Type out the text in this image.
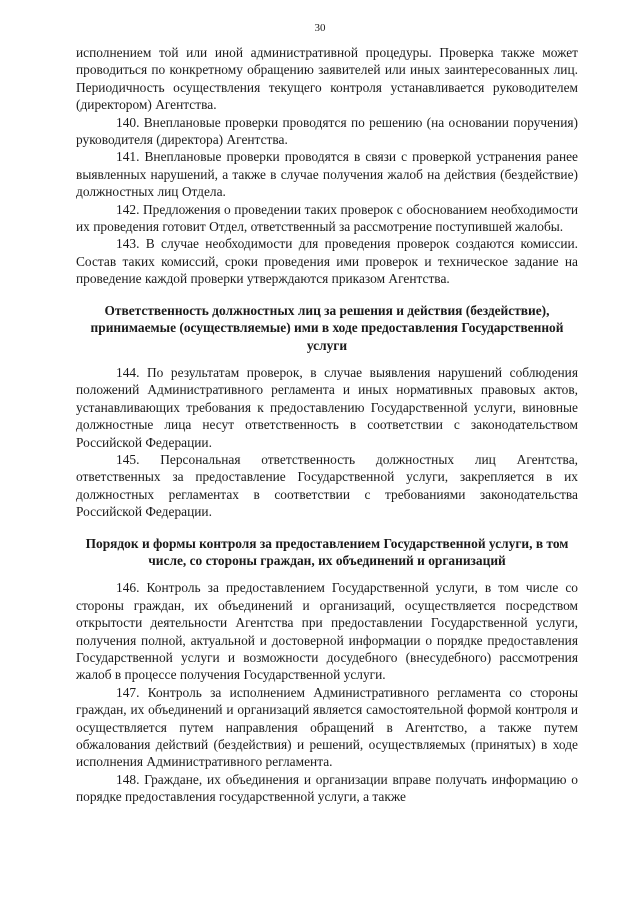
30

исполнением той или иной административной процедуры. Проверка также может проводиться по конкретному обращению заявителей или иных заинтересованных лиц. Периодичность осуществления текущего контроля устанавливается руководителем (директором) Агентства.

140. Внеплановые проверки проводятся по решению (на основании поручения) руководителя (директора) Агентства.

141. Внеплановые проверки проводятся в связи с проверкой устранения ранее выявленных нарушений, а также в случае получения жалоб на действия (бездействие) должностных лиц Отдела.

142. Предложения о проведении таких проверок с обоснованием необходимости их проведения готовит Отдел, ответственный за рассмотрение поступившей жалобы.

143. В случае необходимости для проведения проверок создаются комиссии. Состав таких комиссий, сроки проведения ими проверок и техническое задание на проведение каждой проверки утверждаются приказом Агентства.

Ответственность должностных лиц за решения и действия (бездействие), принимаемые (осуществляемые) ими в ходе предоставления Государственной услуги

144. По результатам проверок, в случае выявления нарушений соблюдения положений Административного регламента и иных нормативных правовых актов, устанавливающих требования к предоставлению Государственной услуги, виновные должностные лица несут ответственность в соответствии с законодательством Российской Федерации.

145. Персональная ответственность должностных лиц Агентства, ответственных за предоставление Государственной услуги, закрепляется в их должностных регламентах в соответствии с требованиями законодательства Российской Федерации.

Порядок и формы контроля за предоставлением Государственной услуги, в том числе, со стороны граждан, их объединений и организаций

146. Контроль за предоставлением Государственной услуги, в том числе со стороны граждан, их объединений и организаций, осуществляется посредством открытости деятельности Агентства при предоставлении Государственной услуги, получения полной, актуальной и достоверной информации о порядке предоставления Государственной услуги и возможности досудебного (внесудебного) рассмотрения жалоб в процессе получения Государственной услуги.

147. Контроль за исполнением Административного регламента со стороны граждан, их объединений и организаций является самостоятельной формой контроля и осуществляется путем направления обращений в Агентство, а также путем обжалования действий (бездействия) и решений, осуществляемых (принятых) в ходе исполнения Административного регламента.

148. Граждане, их объединения и организации вправе получать информацию о порядке предоставления государственной услуги, а также
